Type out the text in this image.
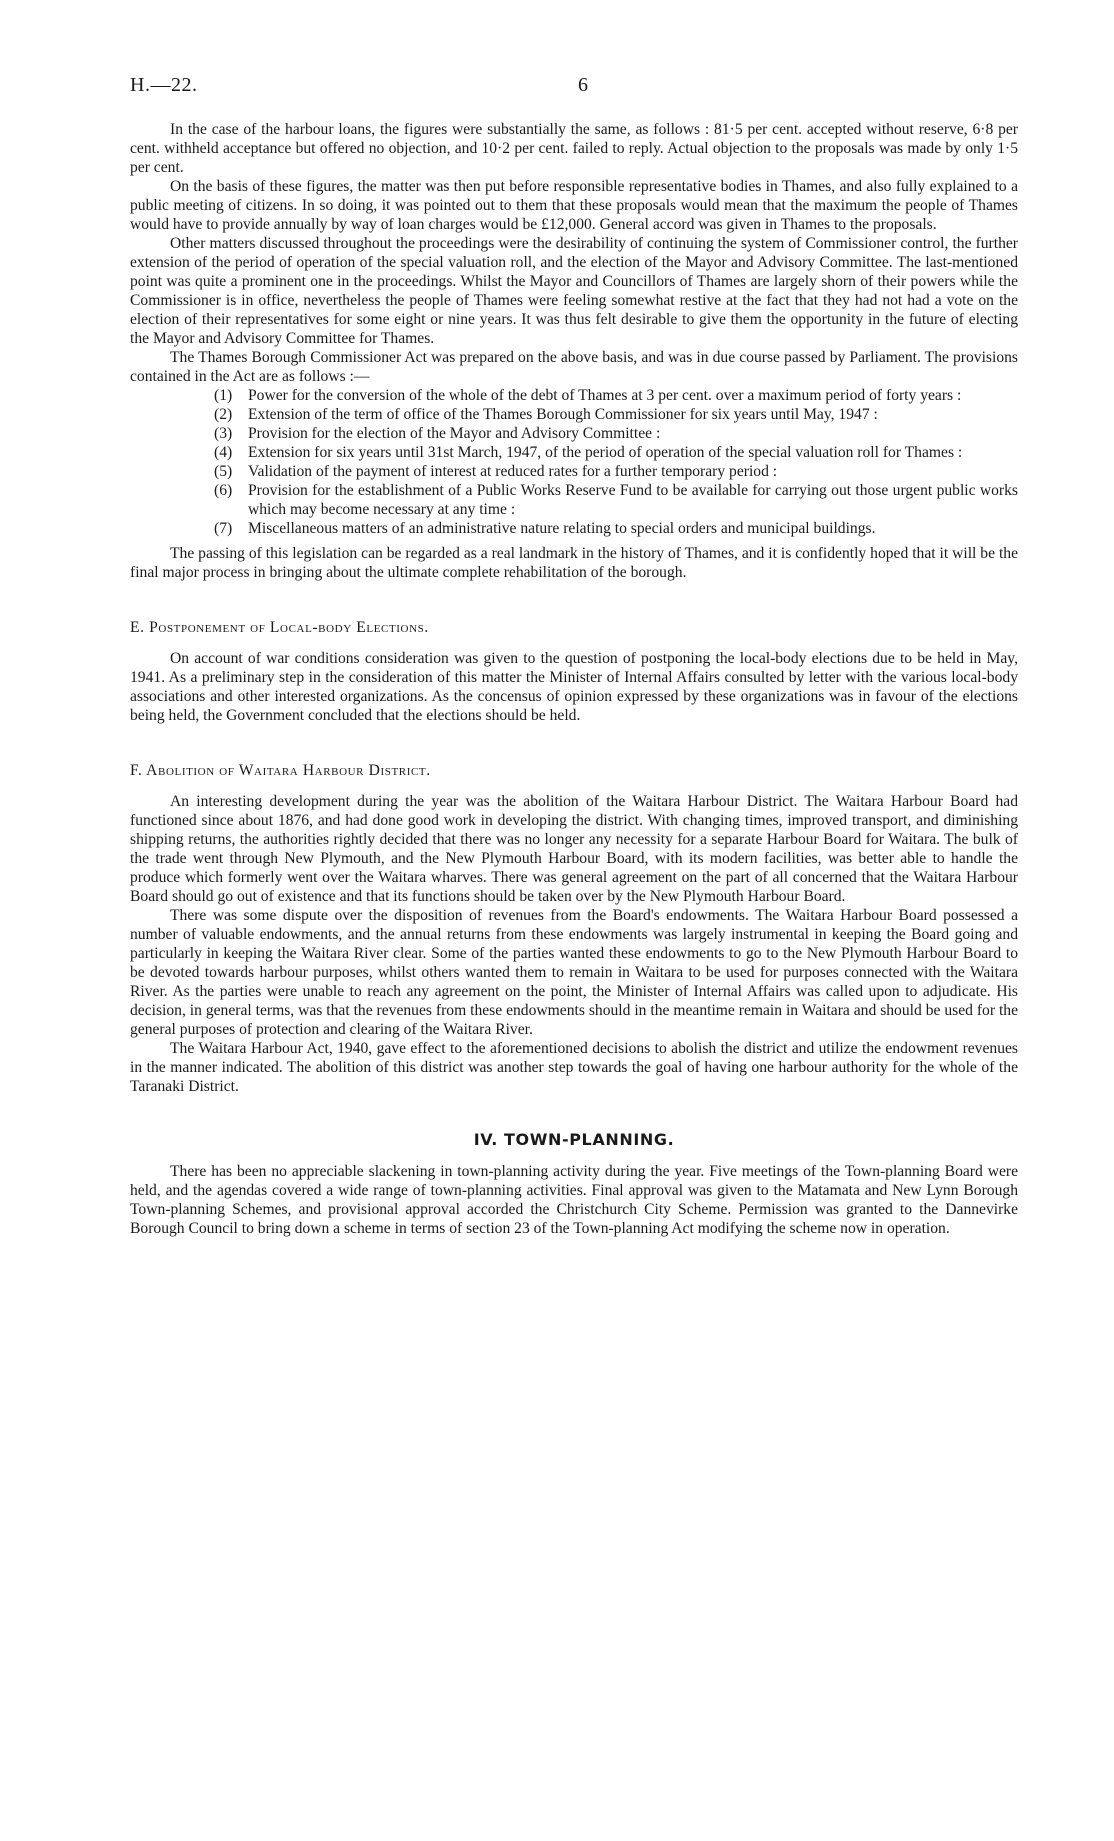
H.—22.	6

In the case of the harbour loans, the figures were substantially the same, as follows : 81·5 per cent. accepted without reserve, 6·8 per cent. withheld acceptance but offered no objection, and 10·2 per cent. failed to reply. Actual objection to the proposals was made by only 1·5 per cent.

On the basis of these figures, the matter was then put before responsible representative bodies in Thames, and also fully explained to a public meeting of citizens. In so doing, it was pointed out to them that these proposals would mean that the maximum the people of Thames would have to provide annually by way of loan charges would be £12,000. General accord was given in Thames to the proposals.

Other matters discussed throughout the proceedings were the desirability of continuing the system of Commissioner control, the further extension of the period of operation of the special valuation roll, and the election of the Mayor and Advisory Committee. The last-mentioned point was quite a prominent one in the proceedings. Whilst the Mayor and Councillors of Thames are largely shorn of their powers while the Commissioner is in office, nevertheless the people of Thames were feeling somewhat restive at the fact that they had not had a vote on the election of their representatives for some eight or nine years. It was thus felt desirable to give them the opportunity in the future of electing the Mayor and Advisory Committee for Thames.

The Thames Borough Commissioner Act was prepared on the above basis, and was in due course passed by Parliament. The provisions contained in the Act are as follows :—

(1) Power for the conversion of the whole of the debt of Thames at 3 per cent. over a maximum period of forty years :
(2) Extension of the term of office of the Thames Borough Commissioner for six years until May, 1947 :
(3) Provision for the election of the Mayor and Advisory Committee :
(4) Extension for six years until 31st March, 1947, of the period of operation of the special valuation roll for Thames :
(5) Validation of the payment of interest at reduced rates for a further temporary period :
(6) Provision for the establishment of a Public Works Reserve Fund to be available for carrying out those urgent public works which may become necessary at any time :
(7) Miscellaneous matters of an administrative nature relating to special orders and municipal buildings.

The passing of this legislation can be regarded as a real landmark in the history of Thames, and it is confidently hoped that it will be the final major process in bringing about the ultimate complete rehabilitation of the borough.

E. Postponement of Local-body Elections.

On account of war conditions consideration was given to the question of postponing the local-body elections due to be held in May, 1941. As a preliminary step in the consideration of this matter the Minister of Internal Affairs consulted by letter with the various local-body associations and other interested organizations. As the concensus of opinion expressed by these organizations was in favour of the elections being held, the Government concluded that the elections should be held.

F. Abolition of Waitara Harbour District.

An interesting development during the year was the abolition of the Waitara Harbour District. The Waitara Harbour Board had functioned since about 1876, and had done good work in developing the district. With changing times, improved transport, and diminishing shipping returns, the authorities rightly decided that there was no longer any necessity for a separate Harbour Board for Waitara. The bulk of the trade went through New Plymouth, and the New Plymouth Harbour Board, with its modern facilities, was better able to handle the produce which formerly went over the Waitara wharves. There was general agreement on the part of all concerned that the Waitara Harbour Board should go out of existence and that its functions should be taken over by the New Plymouth Harbour Board.

There was some dispute over the disposition of revenues from the Board's endowments. The Waitara Harbour Board possessed a number of valuable endowments, and the annual returns from these endowments was largely instrumental in keeping the Board going and particularly in keeping the Waitara River clear. Some of the parties wanted these endowments to go to the New Plymouth Harbour Board to be devoted towards harbour purposes, whilst others wanted them to remain in Waitara to be used for purposes connected with the Waitara River. As the parties were unable to reach any agreement on the point, the Minister of Internal Affairs was called upon to adjudicate. His decision, in general terms, was that the revenues from these endowments should in the meantime remain in Waitara and should be used for the general purposes of protection and clearing of the Waitara River.

The Waitara Harbour Act, 1940, gave effect to the aforementioned decisions to abolish the district and utilize the endowment revenues in the manner indicated. The abolition of this district was another step towards the goal of having one harbour authority for the whole of the Taranaki District.

IV. TOWN-PLANNING.

There has been no appreciable slackening in town-planning activity during the year. Five meetings of the Town-planning Board were held, and the agendas covered a wide range of town-planning activities. Final approval was given to the Matamata and New Lynn Borough Town-planning Schemes, and provisional approval accorded the Christchurch City Scheme. Permission was granted to the Dannevirke Borough Council to bring down a scheme in terms of section 23 of the Town-planning Act modifying the scheme now in operation.
